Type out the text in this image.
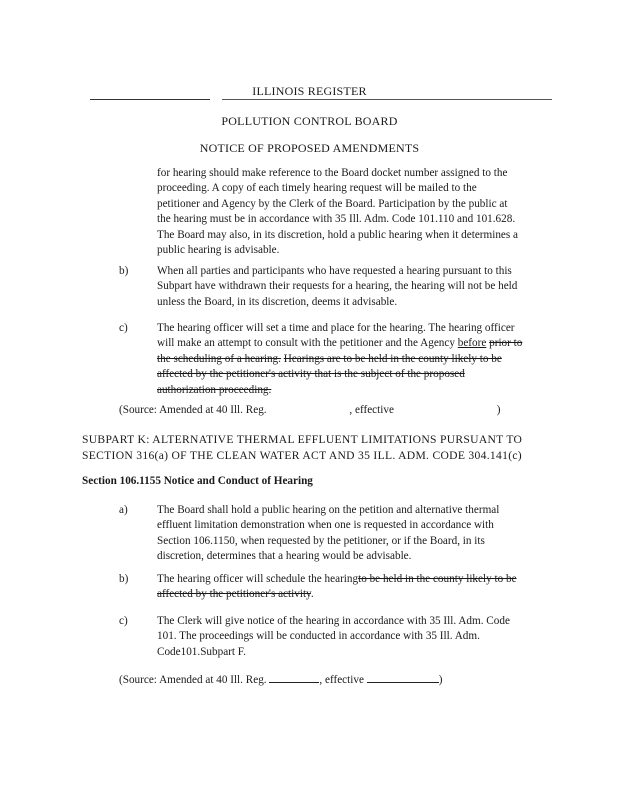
ILLINOIS REGISTER
POLLUTION CONTROL BOARD
NOTICE OF PROPOSED AMENDMENTS
for hearing should make reference to the Board docket number assigned to the
proceeding. A copy of each timely hearing request will be mailed to the
petitioner and Agency by the Clerk of the Board. Participation by the public at
the hearing must be in accordance with 35 Ill. Adm. Code 101.110 and 101.628.
The Board may also, in its discretion, hold a public hearing when it determines a
public hearing is advisable.
b)	When all parties and participants who have requested a hearing pursuant to this
Subpart have withdrawn their requests for a hearing, the hearing will not be held
unless the Board, in its discretion, deems it advisable.
c)	The hearing officer will set a time and place for the hearing. The hearing officer
will make an attempt to consult with the petitioner and the Agency before prior to
the scheduling of a hearing. Hearings are to be held in the county likely to be
affected by the petitioner's activity that is the subject of the proposed
authorization proceeding.
(Source: Amended at 40 Ill. Reg.	, effective	)
SUBPART K: ALTERNATIVE THERMAL EFFLUENT LIMITATIONS PURSUANT TO
SECTION 316(a) OF THE CLEAN WATER ACT AND 35 ILL. ADM. CODE 304.141(c)
Section 106.1155 Notice and Conduct of Hearing
a)	The Board shall hold a public hearing on the petition and alternative thermal
effluent limitation demonstration when one is requested in accordance with
Section 106.1150, when requested by the petitioner, or if the Board, in its
discretion, determines that a hearing would be advisable.
b)	The hearing officer will schedule the hearingto be held in the county likely to be
affected by the petitioner's activity.
c)	The Clerk will give notice of the hearing in accordance with 35 Ill. Adm. Code
101. The proceedings will be conducted in accordance with 35 Ill. Adm.
Code101.Subpart F.
(Source: Amended at 40 Ill. Reg.	, effective	)
